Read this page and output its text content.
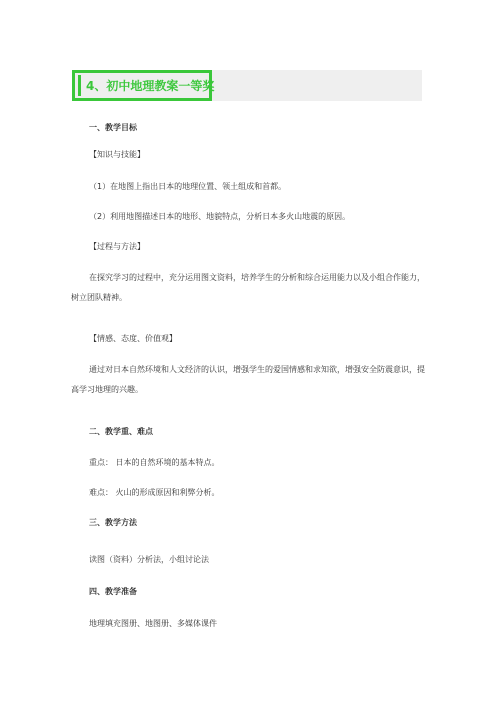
4、初中地理教案一等奖
一、教学目标
【知识与技能】
（1）在地图上指出日本的地理位置、领土组成和首都。
（2）利用地图描述日本的地形、地貌特点，分析日本多火山地震的原因。
【过程与方法】
在探究学习的过程中，充分运用图文资料，培养学生的分析和综合运用能力以及小组合作能力，树立团队精神。
【情感、态度、价值观】
通过对日本自然环境和人文经济的认识，增强学生的爱国情感和求知欲，增强安全防震意识，提高学习地理的兴趣。
二、教学重、难点
重点： 日本的自然环境的基本特点。
难点： 火山的形成原因和利弊分析。
三、教学方法
读图（资料）分析法，小组讨论法
四、教学准备
地理填充图册、地图册、多媒体课件
